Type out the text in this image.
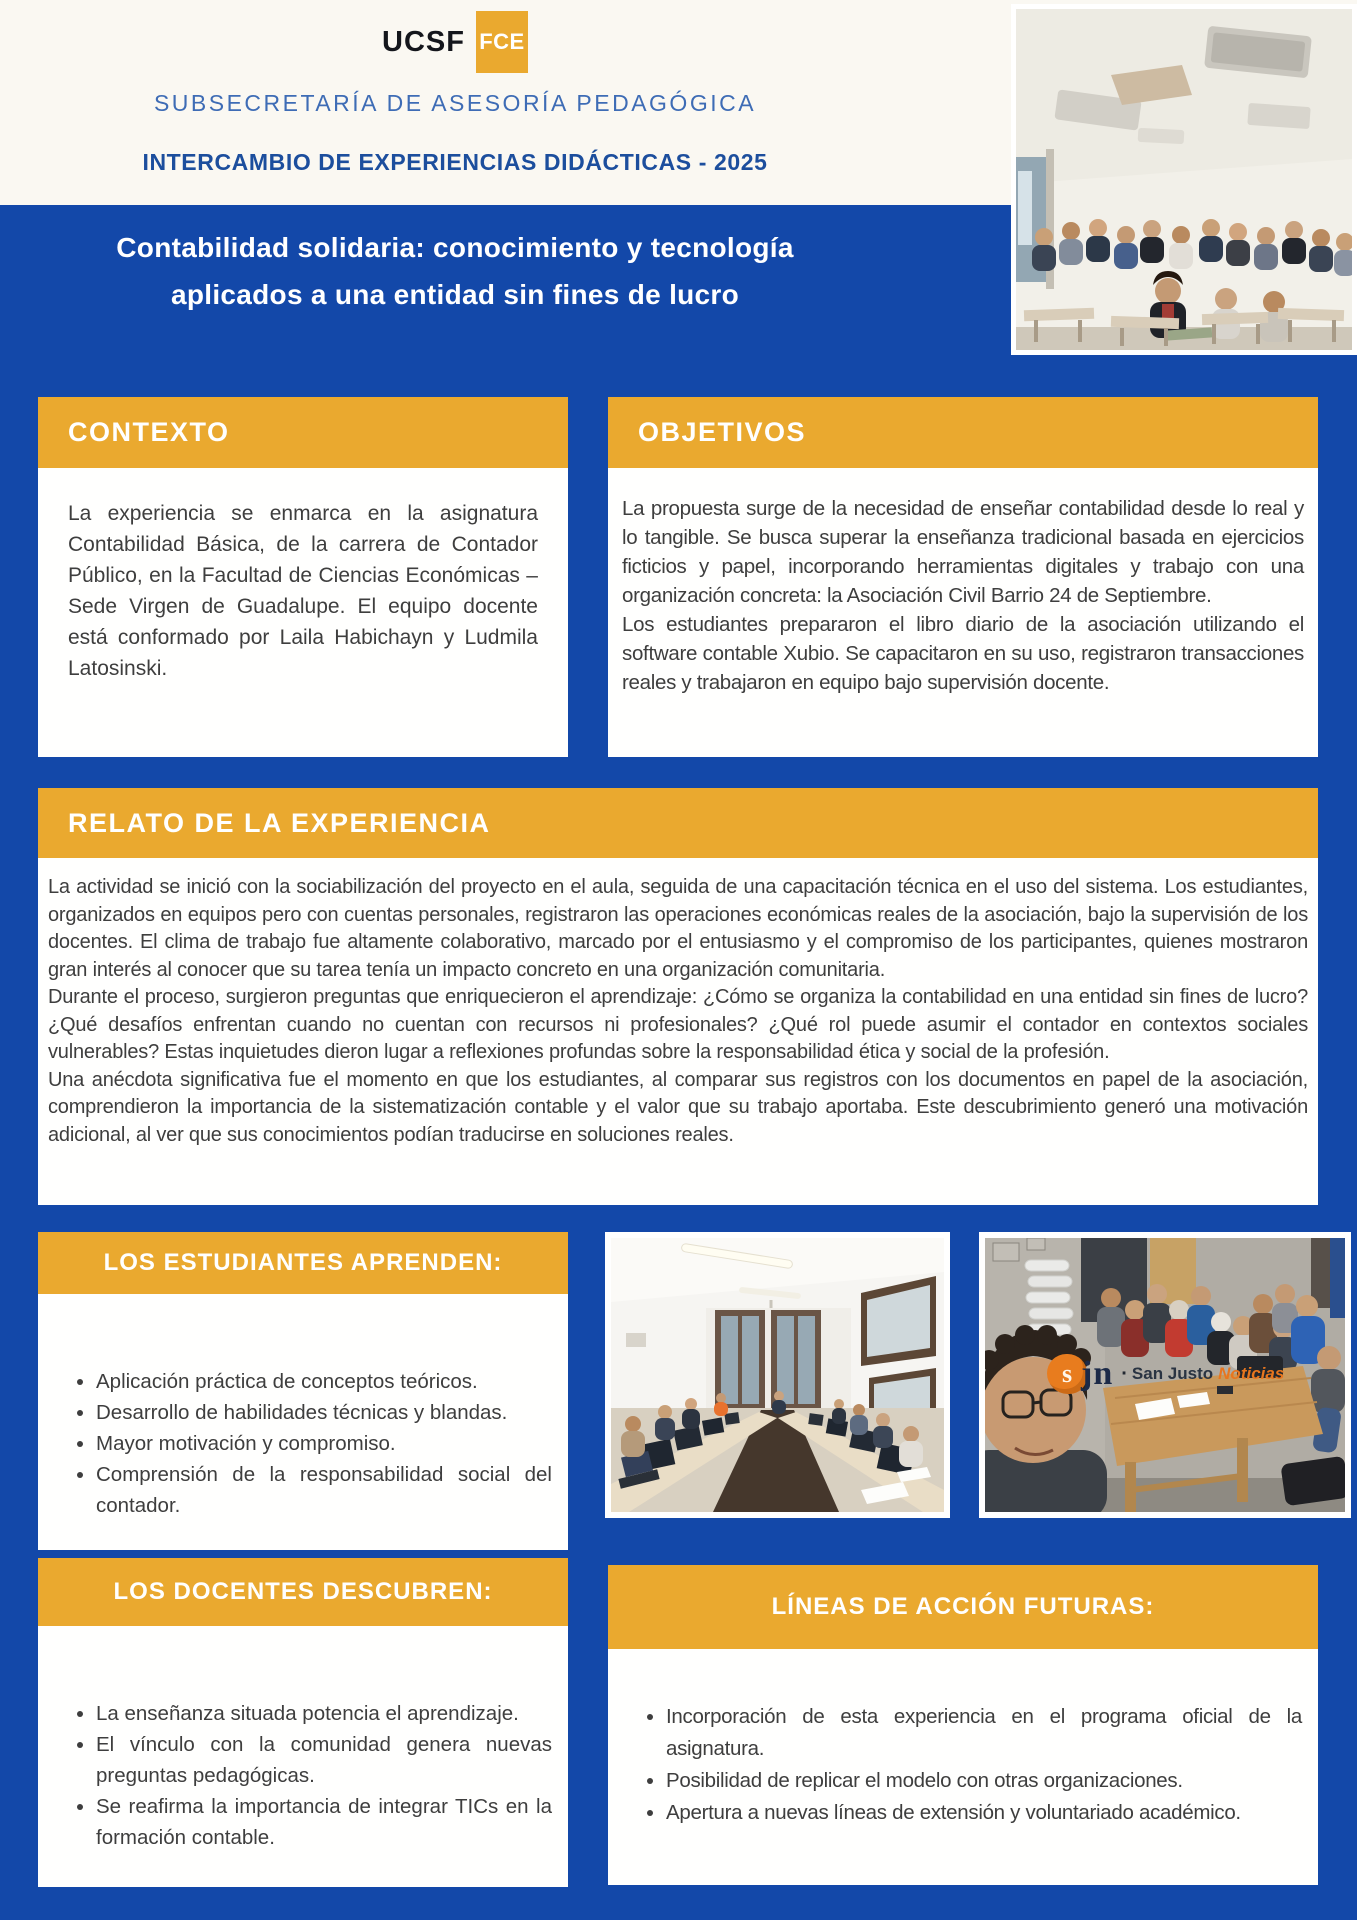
UCSF FCE
SUBSECRETARÍA DE ASESORÍA PEDAGÓGICA
INTERCAMBIO DE EXPERIENCIAS DIDÁCTICAS - 2025
Contabilidad solidaria: conocimiento y tecnología aplicados a una entidad sin fines de lucro
CONTEXTO

La experiencia se enmarca en la asignatura Contabilidad Básica, de la carrera de Contador Público, en la Facultad de Ciencias Económicas – Sede Virgen de Guadalupe. El equipo docente está conformado por Laila Habichayn y Ludmila Latosinski.

OBJETIVOS

La propuesta surge de la necesidad de enseñar contabilidad desde lo real y lo tangible. Se busca superar la enseñanza tradicional basada en ejercicios ficticios y papel, incorporando herramientas digitales y trabajo con una organización concreta: la Asociación Civil Barrio 24 de Septiembre.

Los estudiantes prepararon el libro diario de la asociación utilizando el software contable Xubio. Se capacitaron en su uso, registraron transacciones reales y trabajaron en equipo bajo supervisión docente.

RELATO DE LA EXPERIENCIA

La actividad se inició con la sociabilización del proyecto en el aula, seguida de una capacitación técnica en el uso del sistema. Los estudiantes, organizados en equipos pero con cuentas personales, registraron las operaciones económicas reales de la asociación, bajo la supervisión de los docentes. El clima de trabajo fue altamente colaborativo, marcado por el entusiasmo y el compromiso de los participantes, quienes mostraron gran interés al conocer que su tarea tenía un impacto concreto en una organización comunitaria.

Durante el proceso, surgieron preguntas que enriquecieron el aprendizaje: ¿Cómo se organiza la contabilidad en una entidad sin fines de lucro? ¿Qué desafíos enfrentan cuando no cuentan con recursos ni profesionales? ¿Qué rol puede asumir el contador en contextos sociales vulnerables? Estas inquietudes dieron lugar a reflexiones profundas sobre la responsabilidad ética y social de la profesión.

Una anécdota significativa fue el momento en que los estudiantes, al comparar sus registros con los documentos en papel de la asociación, comprendieron la importancia de la sistematización contable y el valor que su trabajo aportaba. Este descubrimiento generó una motivación adicional, al ver que sus conocimientos podían traducirse en soluciones reales.

LOS ESTUDIANTES APRENDEN:
• Aplicación práctica de conceptos teóricos.
• Desarrollo de habilidades técnicas y blandas.
• Mayor motivación y compromiso.
• Comprensión de la responsabilidad social del contador.
s jn · San Justo Noticias
LOS DOCENTES DESCUBREN:
• La enseñanza situada potencia el aprendizaje.
• El vínculo con la comunidad genera nuevas preguntas pedagógicas.
• Se reafirma la importancia de integrar TICs en la formación contable.
LÍNEAS DE ACCIÓN FUTURAS:
• Incorporación de esta experiencia en el programa oficial de la asignatura.
• Posibilidad de replicar el modelo con otras organizaciones.
• Apertura a nuevas líneas de extensión y voluntariado académico.
